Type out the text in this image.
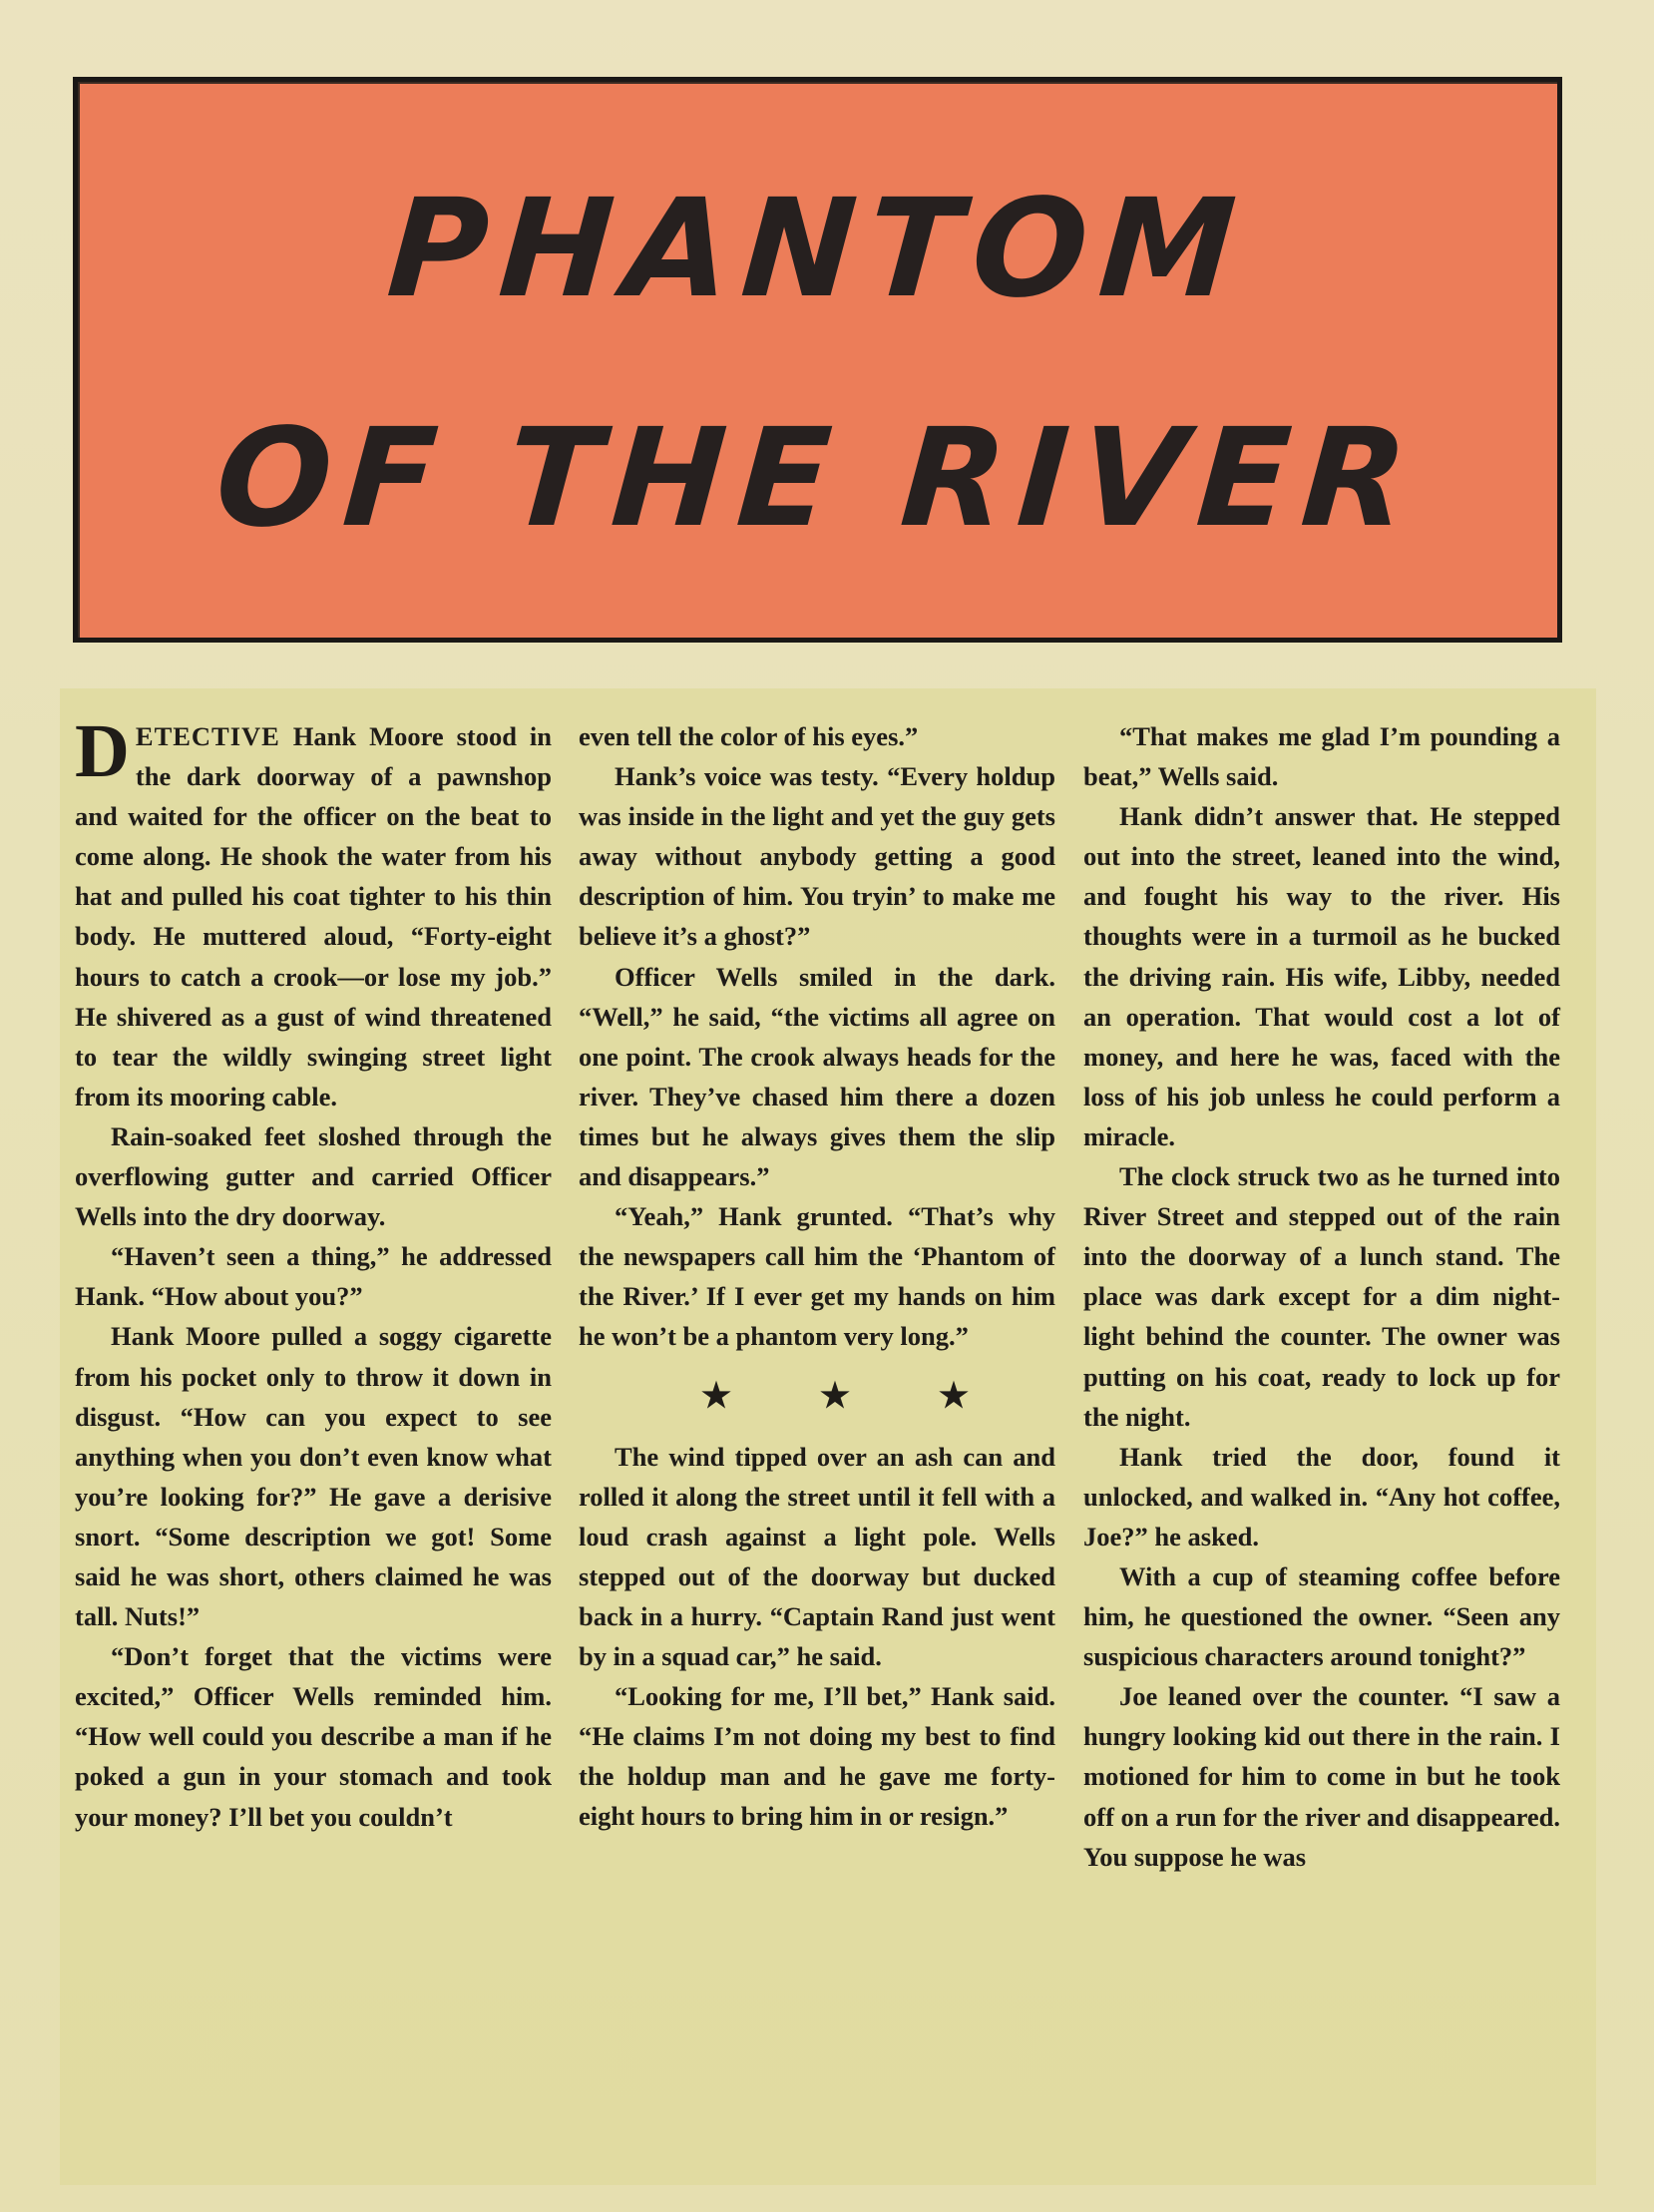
PHANTOM
OF THE RIVER

DETECTIVE Hank Moore stood in the dark doorway of a pawnshop and waited for the officer on the beat to come along. He shook the water from his hat and pulled his coat tighter to his thin body. He muttered aloud, “Forty-eight hours to catch a crook—or lose my job.” He shivered as a gust of wind threatened to tear the wildly swinging street light from its mooring cable.

Rain-soaked feet sloshed through the overflowing gutter and carried Officer Wells into the dry doorway.

“Haven’t seen a thing,” he addressed Hank. “How about you?”

Hank Moore pulled a soggy cigarette from his pocket only to throw it down in disgust. “How can you expect to see anything when you don’t even know what you’re looking for?” He gave a derisive snort. “Some description we got! Some said he was short, others claimed he was tall. Nuts!”

“Don’t forget that the victims were excited,” Officer Wells reminded him. “How well could you describe a man if he poked a gun in your stomach and took your money? I’ll bet you couldn’t

even tell the color of his eyes.”

Hank’s voice was testy. “Every holdup was inside in the light and yet the guy gets away without anybody getting a good description of him. You tryin’ to make me believe it’s a ghost?”

Officer Wells smiled in the dark. “Well,” he said, “the victims all agree on one point. The crook always heads for the river. They’ve chased him there a dozen times but he always gives them the slip and disappears.”

“Yeah,” Hank grunted. “That’s why the newspapers call him the ‘Phantom of the River.’ If I ever get my hands on him he won’t be a phantom very long.”

★ ★ ★

The wind tipped over an ash can and rolled it along the street until it fell with a loud crash against a light pole. Wells stepped out of the doorway but ducked back in a hurry. “Captain Rand just went by in a squad car,” he said.

“Looking for me, I’ll bet,” Hank said. “He claims I’m not doing my best to find the holdup man and he gave me forty-eight hours to bring him in or resign.”

“That makes me glad I’m pounding a beat,” Wells said.

Hank didn’t answer that. He stepped out into the street, leaned into the wind, and fought his way to the river. His thoughts were in a turmoil as he bucked the driving rain. His wife, Libby, needed an operation. That would cost a lot of money, and here he was, faced with the loss of his job unless he could perform a miracle.

The clock struck two as he turned into River Street and stepped out of the rain into the doorway of a lunch stand. The place was dark except for a dim night-light behind the counter. The owner was putting on his coat, ready to lock up for the night.

Hank tried the door, found it unlocked, and walked in. “Any hot coffee, Joe?” he asked.

With a cup of steaming coffee before him, he questioned the owner. “Seen any suspicious characters around tonight?”

Joe leaned over the counter. “I saw a hungry looking kid out there in the rain. I motioned for him to come in but he took off on a run for the river and disappeared. You suppose he was
